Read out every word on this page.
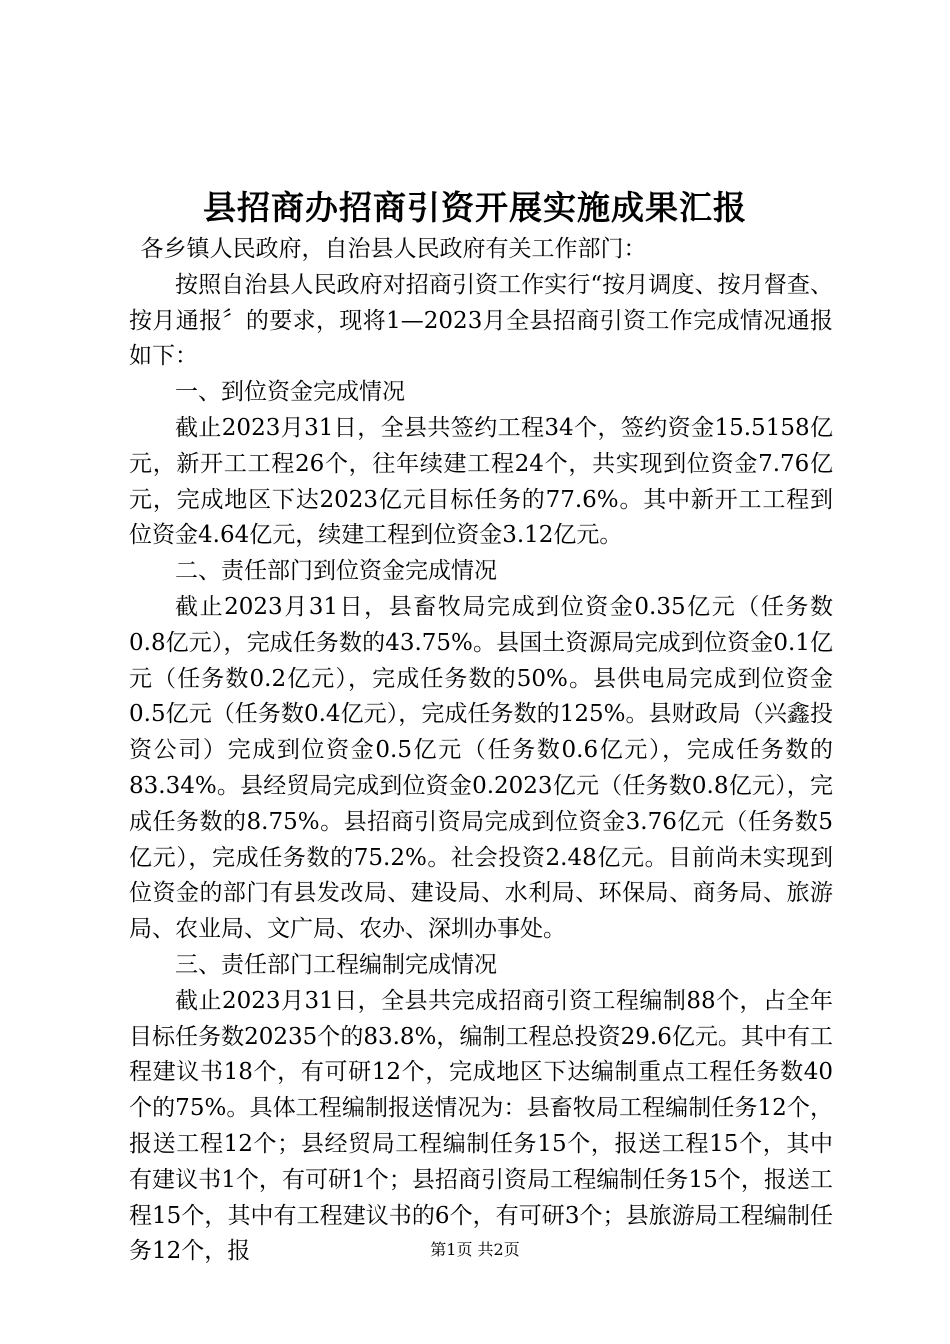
县招商办招商引资开展实施成果汇报

各乡镇人民政府，自治县人民政府有关工作部门：

按照自治县人民政府对招商引资工作实行“按月调度、按月督查、按月通报〞的要求，现将1—2023月全县招商引资工作完成情况通报如下：

一、到位资金完成情况

截止2023月31日，全县共签约工程34个，签约资金15.5158亿元，新开工工程26个，往年续建工程24个，共实现到位资金7.76亿元，完成地区下达2023亿元目标任务的77.6%。其中新开工工程到位资金4.64亿元，续建工程到位资金3.12亿元。

二、责任部门到位资金完成情况

截止2023月31日，县畜牧局完成到位资金0.35亿元（任务数0.8亿元），完成任务数的43.75%。县国土资源局完成到位资金0.1亿元（任务数0.2亿元），完成任务数的50%。县供电局完成到位资金0.5亿元（任务数0.4亿元），完成任务数的125%。县财政局（兴鑫投资公司）完成到位资金0.5亿元（任务数0.6亿元），完成任务数的83.34%。县经贸局完成到位资金0.2023亿元（任务数0.8亿元），完成任务数的8.75%。县招商引资局完成到位资金3.76亿元（任务数5亿元），完成任务数的75.2%。社会投资2.48亿元。目前尚未实现到位资金的部门有县发改局、建设局、水利局、环保局、商务局、旅游局、农业局、文广局、农办、深圳办事处。

三、责任部门工程编制完成情况

截止2023月31日，全县共完成招商引资工程编制88个，占全年目标任务数20235个的83.8%，编制工程总投资29.6亿元。其中有工程建议书18个，有可研12个，完成地区下达编制重点工程任务数40个的75%。具体工程编制报送情况为：县畜牧局工程编制任务12个，报送工程12个；县经贸局工程编制任务15个，报送工程15个，其中有建议书1个，有可研1个；县招商引资局工程编制任务15个，报送工程15个，其中有工程建议书的6个，有可研3个；县旅游局工程编制任务12个，报	第1页 共2页
